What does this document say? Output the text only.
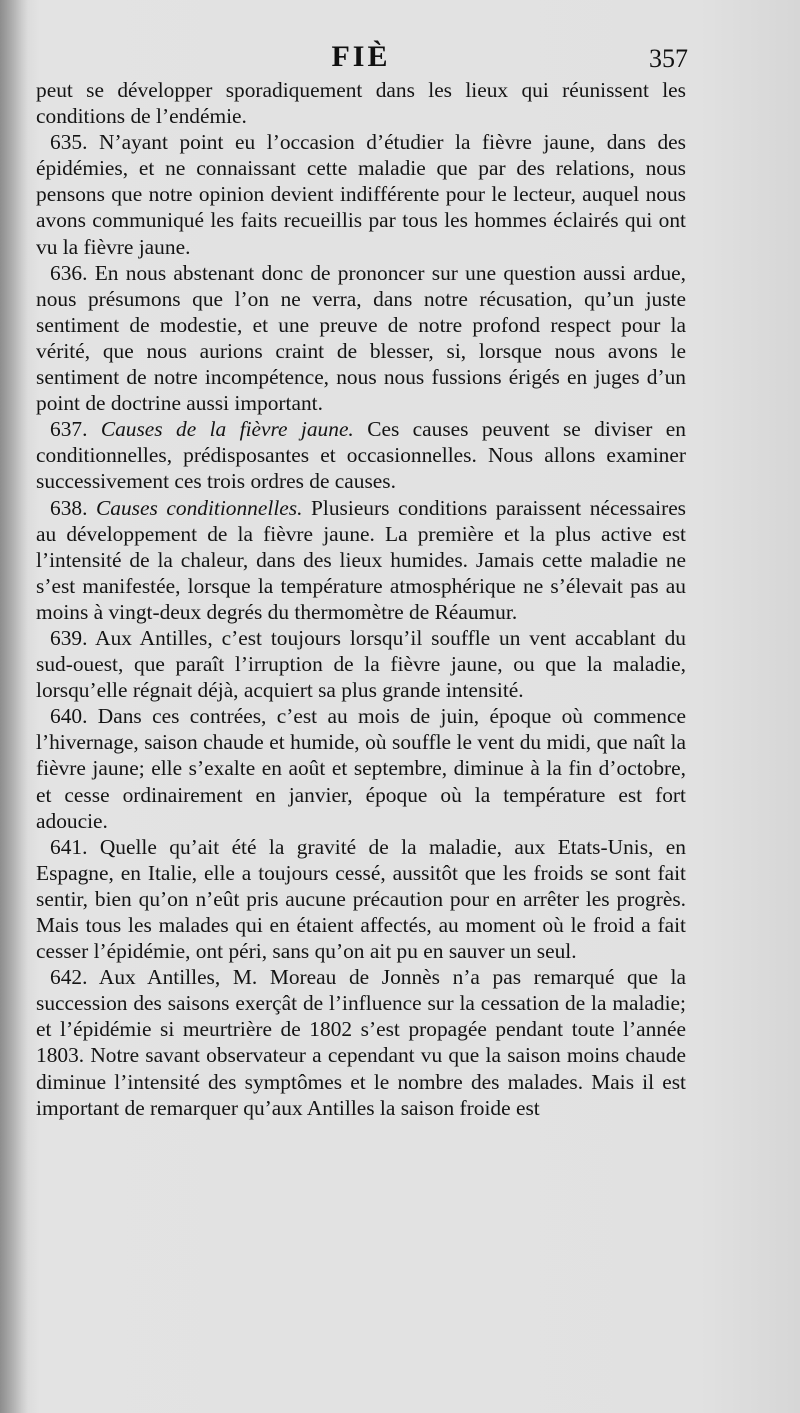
FIÈ	357

peut se développer sporadiquement dans les lieux qui réunissent les conditions de l’endémie.

635. N’ayant point eu l’occasion d’étudier la fièvre jaune, dans des épidémies, et ne connaissant cette maladie que par des relations, nous pensons que notre opinion devient indifférente pour le lecteur, auquel nous avons communiqué les faits recueillis par tous les hommes éclairés qui ont vu la fièvre jaune.

636. En nous abstenant donc de prononcer sur une question aussi ardue, nous présumons que l’on ne verra, dans notre récusation, qu’un juste sentiment de modestie, et une preuve de notre profond respect pour la vérité, que nous aurions craint de blesser, si, lorsque nous avons le sentiment de notre incompétence, nous nous fussions érigés en juges d’un point de doctrine aussi important.

637. Causes de la fièvre jaune. Ces causes peuvent se diviser en conditionnelles, prédisposantes et occasionnelles. Nous allons examiner successivement ces trois ordres de causes.

638. Causes conditionnelles. Plusieurs conditions paraissent nécessaires au développement de la fièvre jaune. La première et la plus active est l’intensité de la chaleur, dans des lieux humides. Jamais cette maladie ne s’est manifestée, lorsque la température atmosphérique ne s’élevait pas au moins à vingt-deux degrés du thermomètre de Réaumur.

639. Aux Antilles, c’est toujours lorsqu’il souffle un vent accablant du sud-ouest, que paraît l’irruption de la fièvre jaune, ou que la maladie, lorsqu’elle régnait déjà, acquiert sa plus grande intensité.

640. Dans ces contrées, c’est au mois de juin, époque où commence l’hivernage, saison chaude et humide, où souffle le vent du midi, que naît la fièvre jaune; elle s’exalte en août et septembre, diminue à la fin d’octobre, et cesse ordinairement en janvier, époque où la température est fort adoucie.

641. Quelle qu’ait été la gravité de la maladie, aux Etats-Unis, en Espagne, en Italie, elle a toujours cessé, aussitôt que les froids se sont fait sentir, bien qu’on n’eût pris aucune précaution pour en arrêter les progrès. Mais tous les malades qui en étaient affectés, au moment où le froid a fait cesser l’épidémie, ont péri, sans qu’on ait pu en sauver un seul.

642. Aux Antilles, M. Moreau de Jonnès n’a pas remarqué que la succession des saisons exerçât de l’influence sur la cessation de la maladie; et l’épidémie si meurtrière de 1802 s’est propagée pendant toute l’année 1803. Notre savant observateur a cependant vu que la saison moins chaude diminue l’intensité des symptômes et le nombre des malades. Mais il est important de remarquer qu’aux Antilles la saison froide est
